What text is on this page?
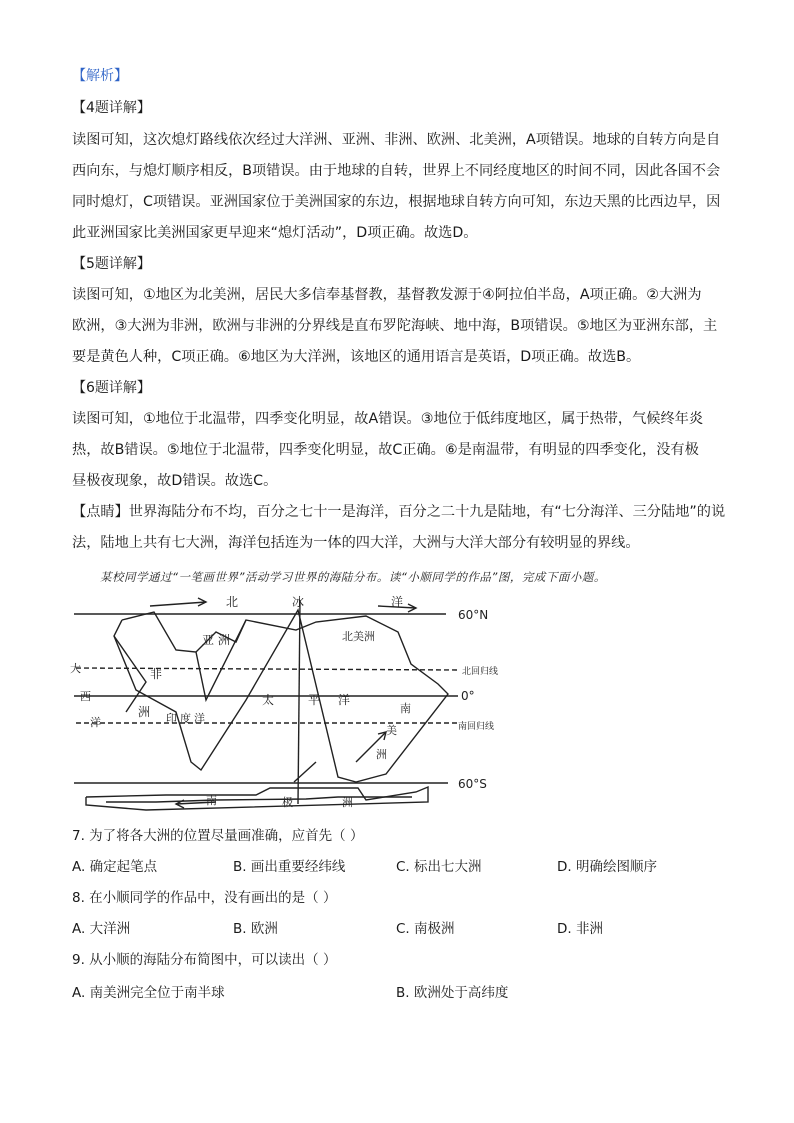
【解析】
【4题详解】
读图可知，这次熄灯路线依次经过大洋洲、亚洲、非洲、欧洲、北美洲，A项错误。地球的自转方向是自
西向东，与熄灯顺序相反，B项错误。由于地球的自转，世界上不同经度地区的时间不同，因此各国不会
同时熄灯，C项错误。亚洲国家位于美洲国家的东边，根据地球自转方向可知，东边天黑的比西边早，因
此亚洲国家比美洲国家更早迎来“熄灯活动”，D项正确。故选D。
【5题详解】
读图可知，①地区为北美洲，居民大多信奉基督教，基督教发源于④阿拉伯半岛，A项正确。②大洲为
欧洲，③大洲为非洲，欧洲与非洲的分界线是直布罗陀海峡、地中海，B项错误。⑤地区为亚洲东部，主
要是黄色人种，C项正确。⑥地区为大洋洲，该地区的通用语言是英语，D项正确。故选B。
【6题详解】
读图可知，①地位于北温带，四季变化明显，故A错误。③地位于低纬度地区，属于热带，气候终年炎
热，故B错误。⑤地位于北温带，四季变化明显，故C正确。⑥是南温带，有明显的四季变化，没有极
昼极夜现象，故D错误。故选C。
【点睛】世界海陆分布不均，百分之七十一是海洋，百分之二十九是陆地，有“七分海洋、三分陆地”的说
法，陆地上共有七大洲，海洋包括连为一体的四大洋，大洲与大洋大部分有较明显的界线。
某校同学通过“一笔画世界”活动学习世界的海陆分布。读“小顺同学的作品”图，完成下面小题。
60°N
0°
60°S
北回归线
南回归线
北	冰	洋
太	平 洋
印 度 洋
大
西
洋
亚 洲	北美洲
非
洲	南
美
洲
南	极	洲
7. 为了将各大洲的位置尽量画准确，应首先（ ）
A. 确定起笔点	B. 画出重要经纬线	C. 标出七大洲	D. 明确绘图顺序
8. 在小顺同学的作品中，没有画出的是（ ）
A. 大洋洲	B. 欧洲	C. 南极洲	D. 非洲
9. 从小顺的海陆分布简图中，可以读出（ ）
A. 南美洲完全位于南半球	B. 欧洲处于高纬度
